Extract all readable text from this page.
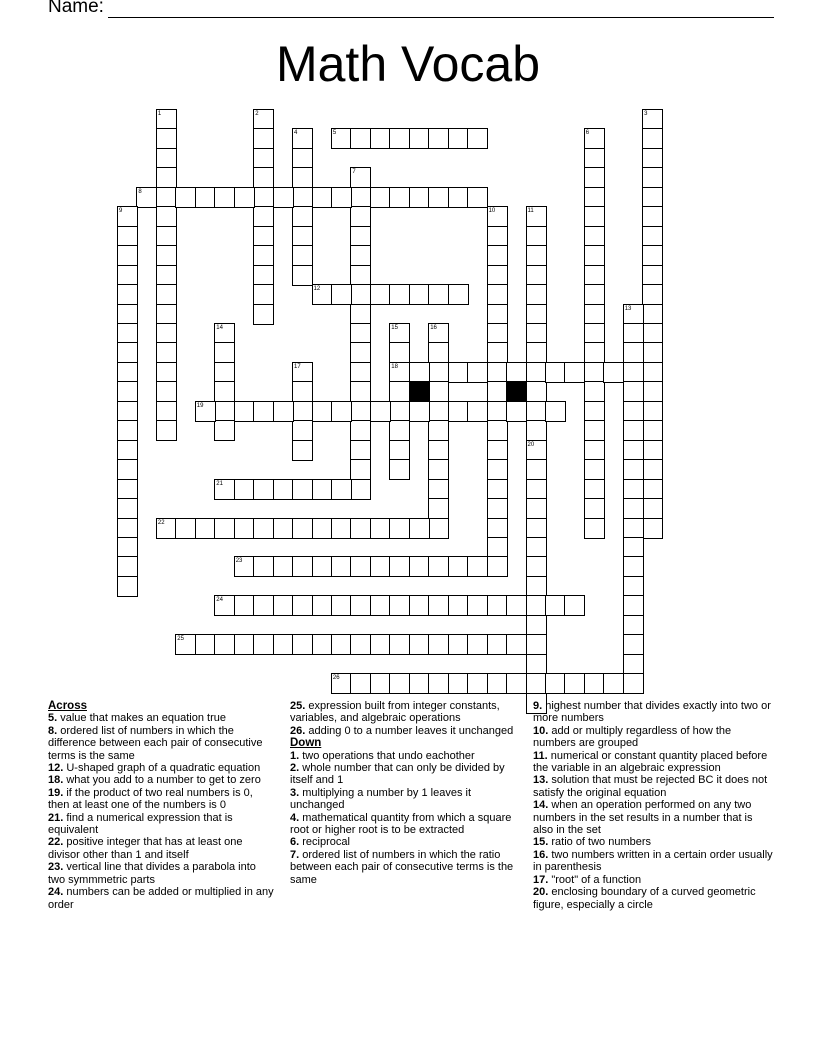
Name:
Math Vocab
1	2	3
4	5	6
7
8
9	10	11
20
12
13
14	15
18
16
17
19
21
22
23
24
25
26
Across
5. value that makes an equation true
8. ordered list of numbers in which the difference between each pair of consecutive terms is the same
12. U-shaped graph of a quadratic equation
18. what you add to a number to get to zero
19. if the product of two real numbers is 0, then at least one of the numbers is 0
21. find a numerical expression that is equivalent
22. positive integer that has at least one divisor other than 1 and itself
23. vertical line that divides a parabola into two symmmetric parts
24. numbers can be added or multiplied in any order
25. expression built from integer constants, variables, and algebraic operations
26. adding 0 to a number leaves it unchanged
Down
1. two operations that undo eachother
2. whole number that can only be divided by itself and 1
3. multiplying a number by 1 leaves it unchanged
4. mathematical quantity from which a square root or higher root is to be extracted
6. reciprocal
7. ordered list of numbers in which the ratio between each pair of consecutive terms is the same
9. highest number that divides exactly into two or more numbers
10. add or multiply regardless of how the numbers are grouped
11. numerical or constant quantity placed before the variable in an algebraic expression
13. solution that must be rejected BC it does not satisfy the original equation
14. when an operation performed on any two numbers in the set results in a number that is also in the set
15. ratio of two numbers
16. two numbers written in a certain order usually in parenthesis
17. "root" of a function
20. enclosing boundary of a curved geometric figure, especially a circle
